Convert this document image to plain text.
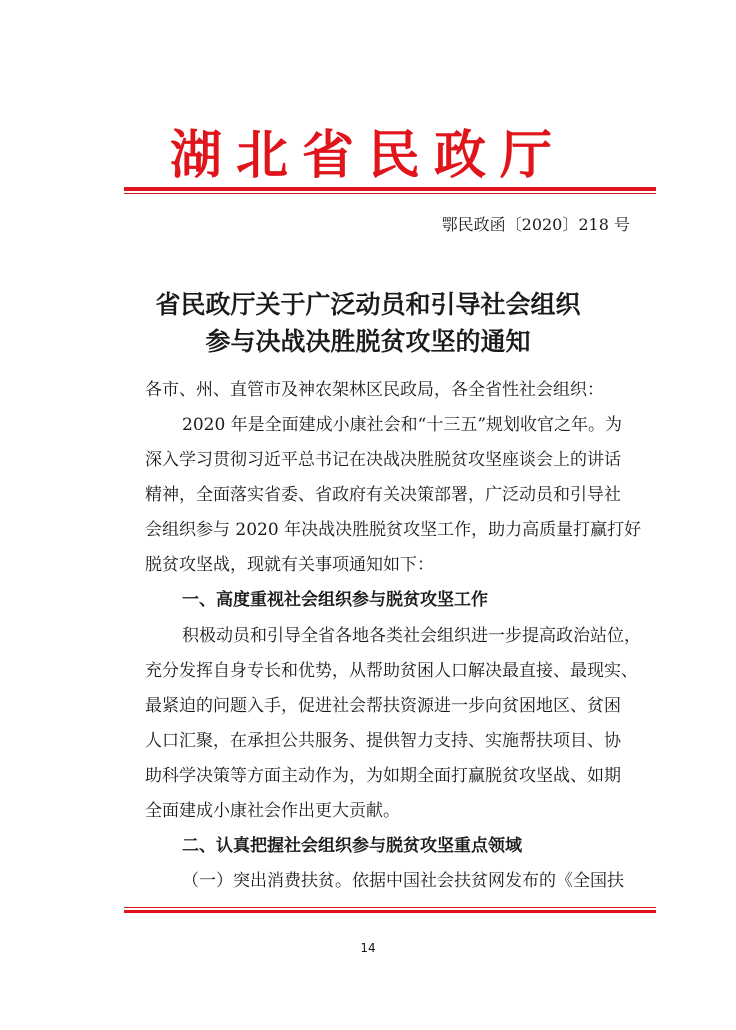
湖北省民政厅
鄂民政函〔2020〕218 号
省民政厅关于广泛动员和引导社会组织
参与决战决胜脱贫攻坚的通知
各市、州、直管市及神农架林区民政局，各全省性社会组织：
2020 年是全面建成小康社会和“十三五”规划收官之年。为
深入学习贯彻习近平总书记在决战决胜脱贫攻坚座谈会上的讲话
精神，全面落实省委、省政府有关决策部署，广泛动员和引导社
会组织参与 2020 年决战决胜脱贫攻坚工作，助力高质量打赢打好
脱贫攻坚战，现就有关事项通知如下：
一、高度重视社会组织参与脱贫攻坚工作
积极动员和引导全省各地各类社会组织进一步提高政治站位，
充分发挥自身专长和优势，从帮助贫困人口解决最直接、最现实、
最紧迫的问题入手，促进社会帮扶资源进一步向贫困地区、贫困
人口汇聚，在承担公共服务、提供智力支持、实施帮扶项目、协
助科学决策等方面主动作为，为如期全面打赢脱贫攻坚战、如期
全面建成小康社会作出更大贡献。
二、认真把握社会组织参与脱贫攻坚重点领域
（一）突出消费扶贫。依据中国社会扶贫网发布的《全国扶
14
